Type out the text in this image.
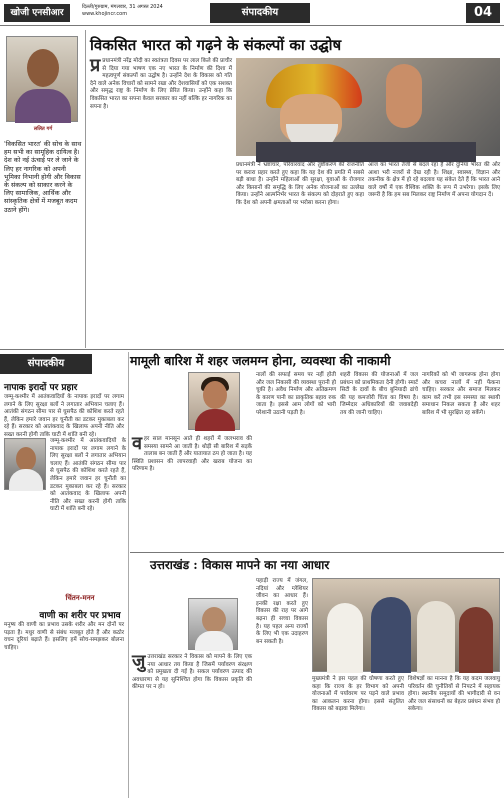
खोजी एनसीआर
दिल्ली/गुरुग्राम, मंगलवार, 31 अगस्त 2024
www.khojincr.com	संपादकीय	04
ललित गर्ग
'विकसित भारत' की सोच के साथ हम सभी का सामूहिक दायित्व है। देश को नई ऊंचाई पर ले जाने के लिए हर नागरिक को अपनी भूमिका निभानी होगी और विकास के संकल्प को साकार करने के लिए सामाजिक, आर्थिक और सांस्कृतिक क्षेत्रों में मजबूत कदम उठाने होंगे।
विकसित भारत को गढ़ने के संकल्पों का उद्घोष
प्र प्रधानमंत्री नरेंद्र मोदी का स्वतंत्रता दिवस पर लाल किले की प्राचीर से दिया गया भाषण एक नए भारत के निर्माण की दिशा में महत्वपूर्ण संकल्पों का उद्घोष है। उन्होंने देश के विकास को गति देने वाले अनेक विचारों को सामने रखा और देशवासियों को एक सशक्त और समृद्ध राष्ट्र के निर्माण के लिए प्रेरित किया। उन्होंने कहा कि विकसित भारत का सपना केवल सरकार का नहीं बल्कि हर नागरिक का सपना है।
प्रधानमंत्री ने भ्रष्टाचार, परिवारवाद और तुष्टीकरण की राजनीति पर करारा प्रहार करते हुए कहा कि यह देश की प्रगति में सबसे बड़ी बाधा है। उन्होंने महिलाओं की सुरक्षा, युवाओं के रोजगार और किसानों की समृद्धि के लिए अनेक योजनाओं का उल्लेख किया। उन्होंने आत्मनिर्भर भारत के संकल्प को दोहराते हुए कहा कि देश को अपनी क्षमताओं पर भरोसा करना होगा।
आज का भारत तेजी से बदल रहा है और दुनिया भारत की ओर आशा भरी नजरों से देख रही है। शिक्षा, स्वास्थ्य, विज्ञान और तकनीक के क्षेत्र में हो रहे बदलाव यह संकेत देते हैं कि भारत आने वाले वर्षों में एक वैश्विक शक्ति के रूप में उभरेगा। इसके लिए जरूरी है कि हम सब मिलकर राष्ट्र निर्माण में अपना योगदान दें।
संपादकीय
नापाक इरादों पर प्रहार
जम्मू-कश्मीर में आतंकवादियों के नापाक इरादों पर लगाम लगाने के लिए सुरक्षा बलों ने लगातार अभियान चलाए हैं। आतंकी संगठन सीमा पार से घुसपैठ की कोशिश करते रहते हैं, लेकिन हमारे जवान हर चुनौती का डटकर मुकाबला कर रहे हैं। सरकार को आतंकवाद के खिलाफ अपनी नीति और सख्त करनी होगी ताकि घाटी में शांति बनी रहे।
जम्मू-कश्मीर में आतंकवादियों के नापाक इरादों पर लगाम लगाने के लिए सुरक्षा बलों ने लगातार अभियान चलाए हैं। आतंकी संगठन सीमा पार से घुसपैठ की कोशिश करते रहते हैं, लेकिन हमारे जवान हर चुनौती का डटकर मुकाबला कर रहे हैं। सरकार को आतंकवाद के खिलाफ अपनी नीति और सख्त करनी होगी ताकि घाटी में शांति बनी रहे।
चिंतन-मनन
वाणी का शरीर पर प्रभाव
मनुष्य की वाणी का प्रभाव उसके शरीर और मन दोनों पर पड़ता है। मधुर वाणी से संबंध मजबूत होते हैं और कठोर वचन दूरियां बढ़ाते हैं। इसलिए हमें सोच-समझकर बोलना चाहिए।
मामूली बारिश में शहर जलमग्न होना, व्यवस्था की नाकामी
वहर साल मानसून आते ही शहरों में जलभराव की समस्या सामने आ जाती है। थोड़ी सी बारिश में सड़कें तालाब बन जाती हैं और यातायात ठप हो जाता है। यह स्थिति प्रशासन की लापरवाही और खराब योजना का परिणाम है।
नालों की सफाई समय पर नहीं होती और जल निकासी की व्यवस्था पुरानी हो चुकी है। अवैध निर्माण और अतिक्रमण के कारण पानी का प्राकृतिक बहाव रुक जाता है। इससे आम लोगों को भारी परेशानी उठानी पड़ती है।
शहरी विकास की योजनाओं में जल प्रबंधन को प्राथमिकता देनी होगी। स्मार्ट सिटी के दावों के बीच बुनियादी ढांचे की यह कमजोरी चिंता का विषय है। जिम्मेदार अधिकारियों की जवाबदेही तय की जानी चाहिए।
नागरिकों को भी जागरूक होना होगा और कचरा नालों में नहीं फेंकना चाहिए। सरकार और समाज मिलकर काम करें तभी इस समस्या का स्थायी समाधान निकल सकता है और शहर बारिश में भी सुरक्षित रह सकेंगे।
उत्तराखंड : विकास मापने का नया आधार
जुउत्तराखंड सरकार ने विकास को मापने के लिए एक नया आधार तय किया है जिसमें पर्यावरण संरक्षण को प्रमुखता दी गई है। सकल पर्यावरण उत्पाद की अवधारणा से यह सुनिश्चित होगा कि विकास प्रकृति की कीमत पर न हो।
पहाड़ी राज्य में जंगल, नदियां और ग्लेशियर जीवन का आधार हैं। इनकी रक्षा करते हुए विकास की राह पर आगे बढ़ना ही सच्चा विकास है। यह पहल अन्य राज्यों के लिए भी एक उदाहरण बन सकती है।
मुख्यमंत्री ने इस पहल की घोषणा करते हुए कहा कि राज्य के हर विभाग को अपनी योजनाओं में पर्यावरण पर पड़ने वाले प्रभाव का आकलन करना होगा। इससे संतुलित विकास को बढ़ावा मिलेगा।
विशेषज्ञों का मानना है कि यह कदम जलवायु परिवर्तन की चुनौतियों से निपटने में सहायक होगा। स्थानीय समुदायों की भागीदारी से वन और जल संसाधनों का बेहतर प्रबंधन संभव हो सकेगा।
